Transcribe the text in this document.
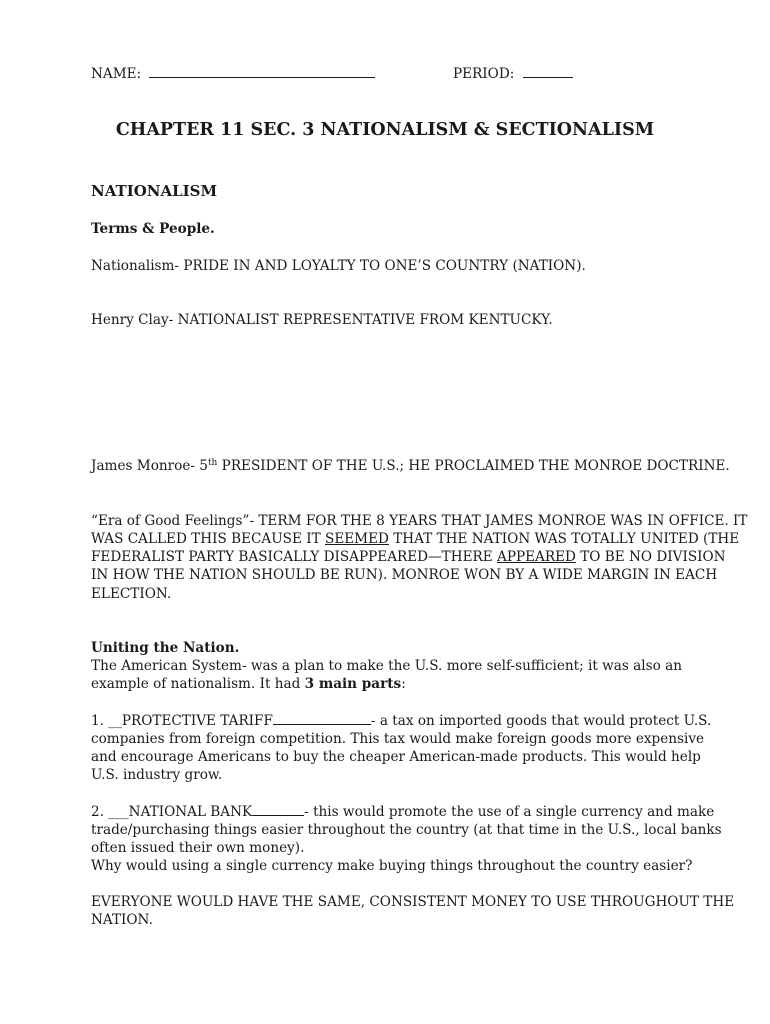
NAME:	PERIOD:
CHAPTER 11 SEC. 3 NATIONALISM & SECTIONALISM
NATIONALISM
Terms & People.
Nationalism- PRIDE IN AND LOYALTY TO ONE’S COUNTRY (NATION).
Henry Clay- NATIONALIST REPRESENTATIVE FROM KENTUCKY.
James Monroe- 5th PRESIDENT OF THE U.S.; HE PROCLAIMED THE MONROE DOCTRINE.
“Era of Good Feelings”- TERM FOR THE 8 YEARS THAT JAMES MONROE WAS IN OFFICE. IT
WAS CALLED THIS BECAUSE IT SEEMED THAT THE NATION WAS TOTALLY UNITED (THE
FEDERALIST PARTY BASICALLY DISAPPEARED—THERE APPEARED TO BE NO DIVISION
IN HOW THE NATION SHOULD BE RUN). MONROE WON BY A WIDE MARGIN IN EACH
ELECTION.
Uniting the Nation.
The American System- was a plan to make the U.S. more self-sufficient; it was also an
example of nationalism. It had 3 main parts:
1. __PROTECTIVE TARIFF	- a tax on imported goods that would protect U.S.
companies from foreign competition. This tax would make foreign goods more expensive
and encourage Americans to buy the cheaper American-made products. This would help
U.S. industry grow.
2. ___NATIONAL BANK	- this would promote the use of a single currency and make
trade/purchasing things easier throughout the country (at that time in the U.S., local banks
often issued their own money).
Why would using a single currency make buying things throughout the country easier?
EVERYONE WOULD HAVE THE SAME, CONSISTENT MONEY TO USE THROUGHOUT THE
NATION.
